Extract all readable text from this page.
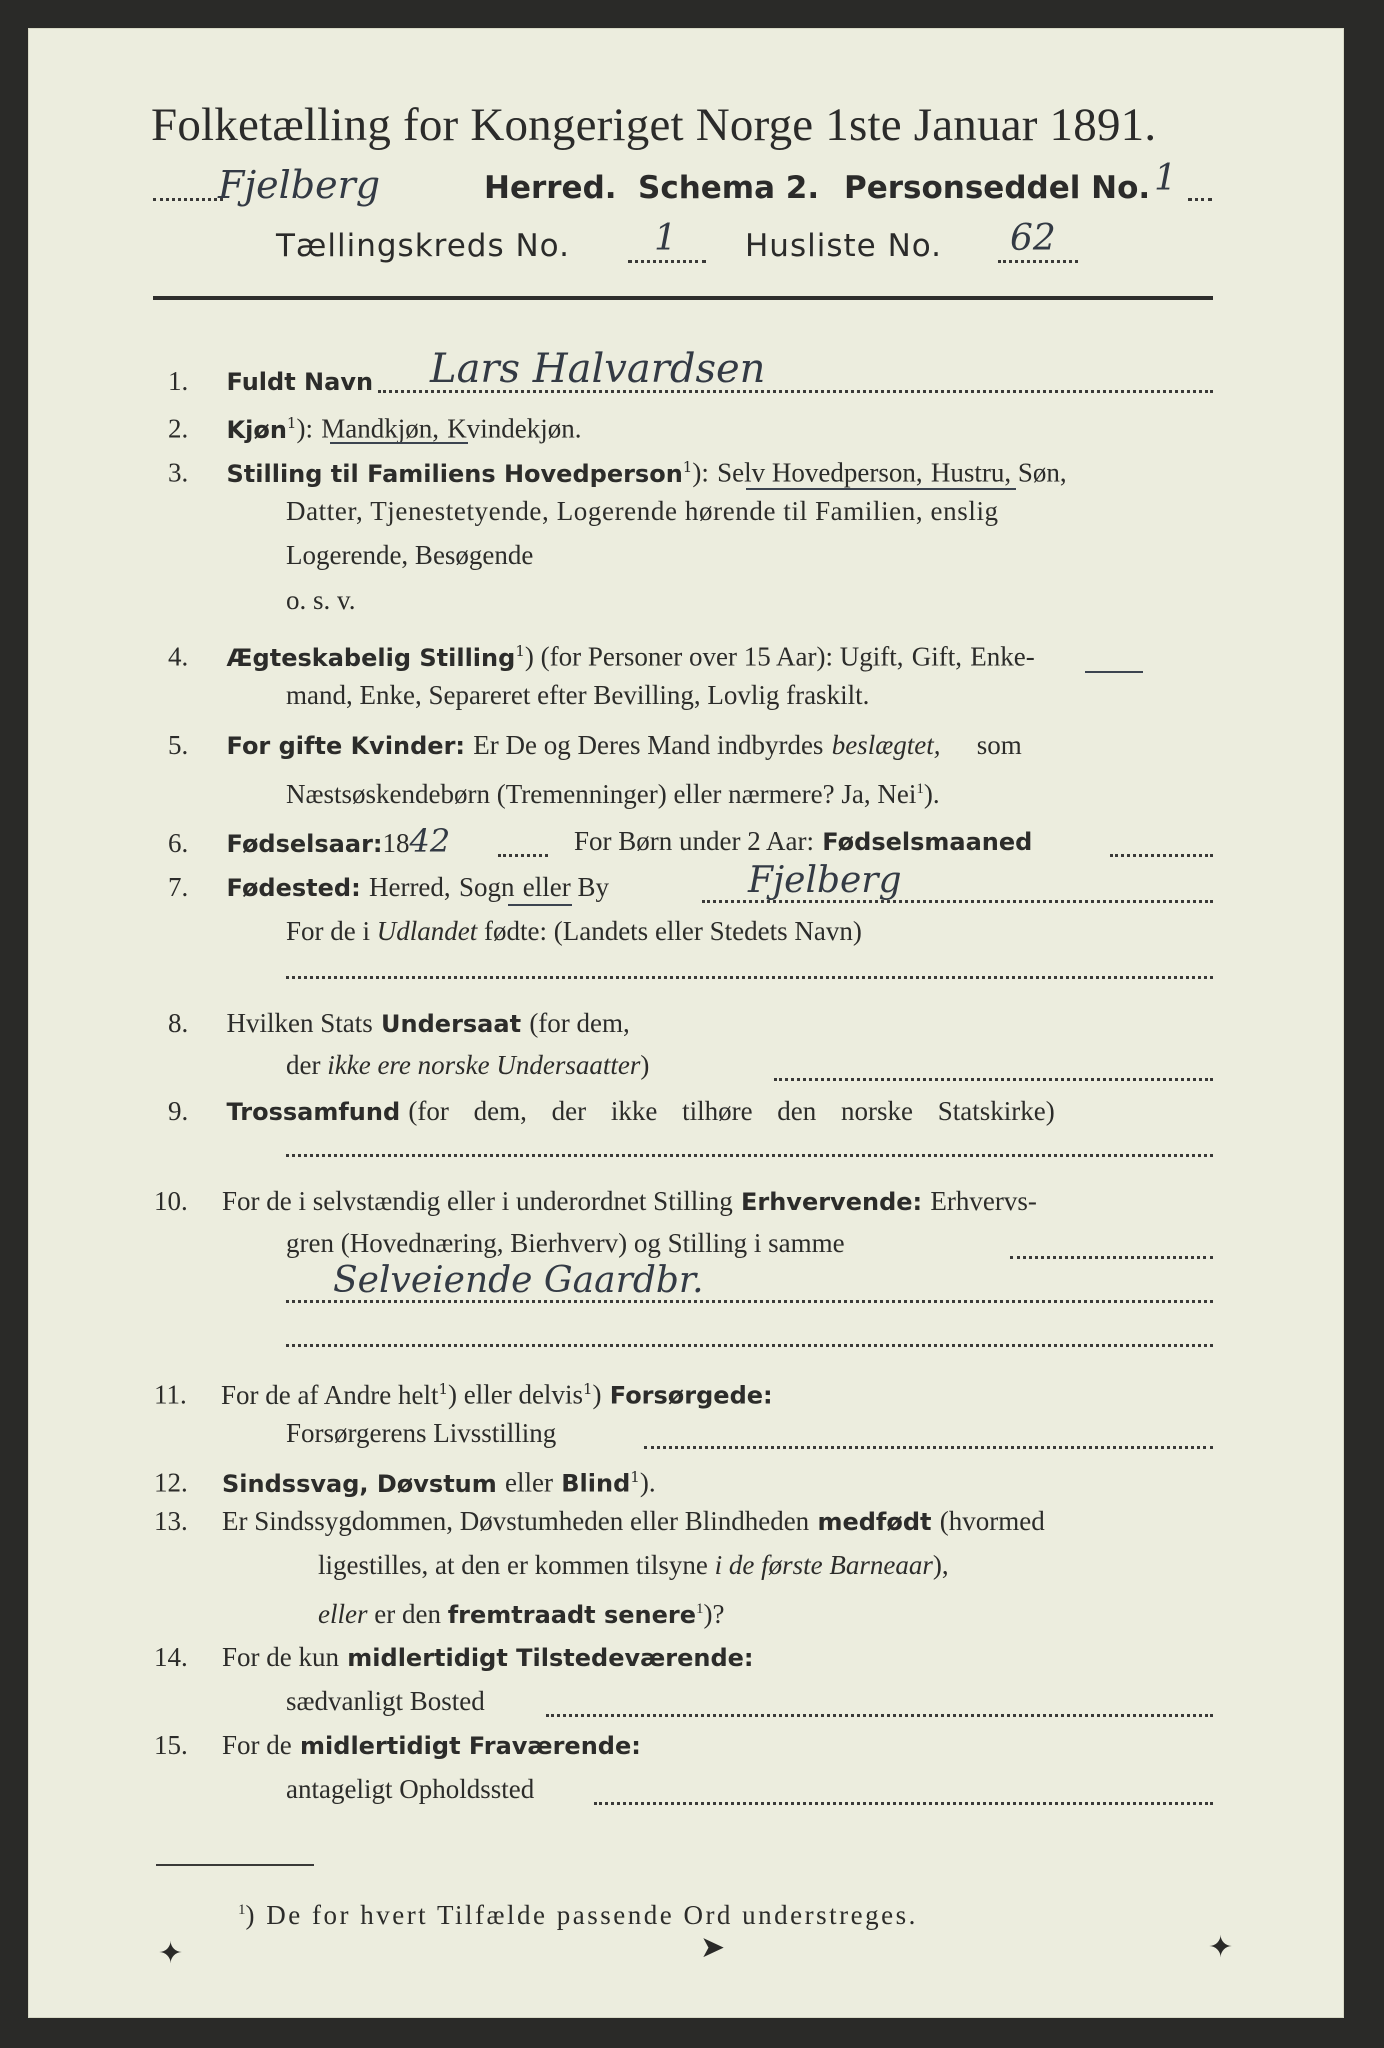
Folketælling for Kongeriget Norge 1ste Januar 1891.
Fjelberg	Herred. Schema 2. Personseddel No. 1
Tællingskreds No. 1 Husliste No. 62
1. Fuldt Navn Lars Halvardsen
2. Kjøn$^1$): Mandkjøn, Kvindekjøn.
3. Stilling til Familiens Hovedperson$^1$): Selv Hovedperson, Hustru, Søn,
Datter, Tjenestetyende, Logerende hørende til Familien, enslig
Logerende, Besøgende
o. s. v.
4. Ægteskabelig Stilling$^1$) (for Personer over 15 Aar): Ugift, Gift, Enke-
mand, Enke, Separeret efter Bevilling, Lovlig fraskilt.
5. For gifte Kvinder: Er De og Deres Mand indbyrdes beslægtet, som
Næstsøskendebørn (Tremenninger) eller nærmere? Ja, Nei$^1$).
6. Fødselsaar:1842	For Børn under 2 Aar: Fødselsmaaned
7. Fødested: Herred, Sogn eller By	Fjelberg
For de i Udlandet fødte: (Landets eller Stedets Navn)
8. Hvilken Stats Undersaat (for dem,
der ikke ere norske Undersaatter)
9. Trossamfund (for dem, der ikke tilhøre den norske Statskirke)
10. For de i selvstændig eller i underordnet Stilling Erhvervende: Erhvervs-
gren (Hovednæring, Bierhverv) og Stilling i samme
Selveiende Gaardbr.
11. For de af Andre helt$^1$) eller delvis$^1$) Forsørgede:
Forsørgerens Livsstilling
12. Sindssvag, Døvstum eller Blind$^1$).
13. Er Sindssygdommen, Døvstumheden eller Blindheden medfødt (hvormed
ligestilles, at den er kommen tilsyne i de første Barneaar),
eller er den fremtraadt senere$^1$)?
14. For de kun midlertidigt Tilstedeværende:
sædvanligt Bosted
15. For de midlertidigt Fraværende:
antageligt Opholdssted
$^1$) De for hvert Tilfælde passende Ord understreges.
✦	➤	✦
